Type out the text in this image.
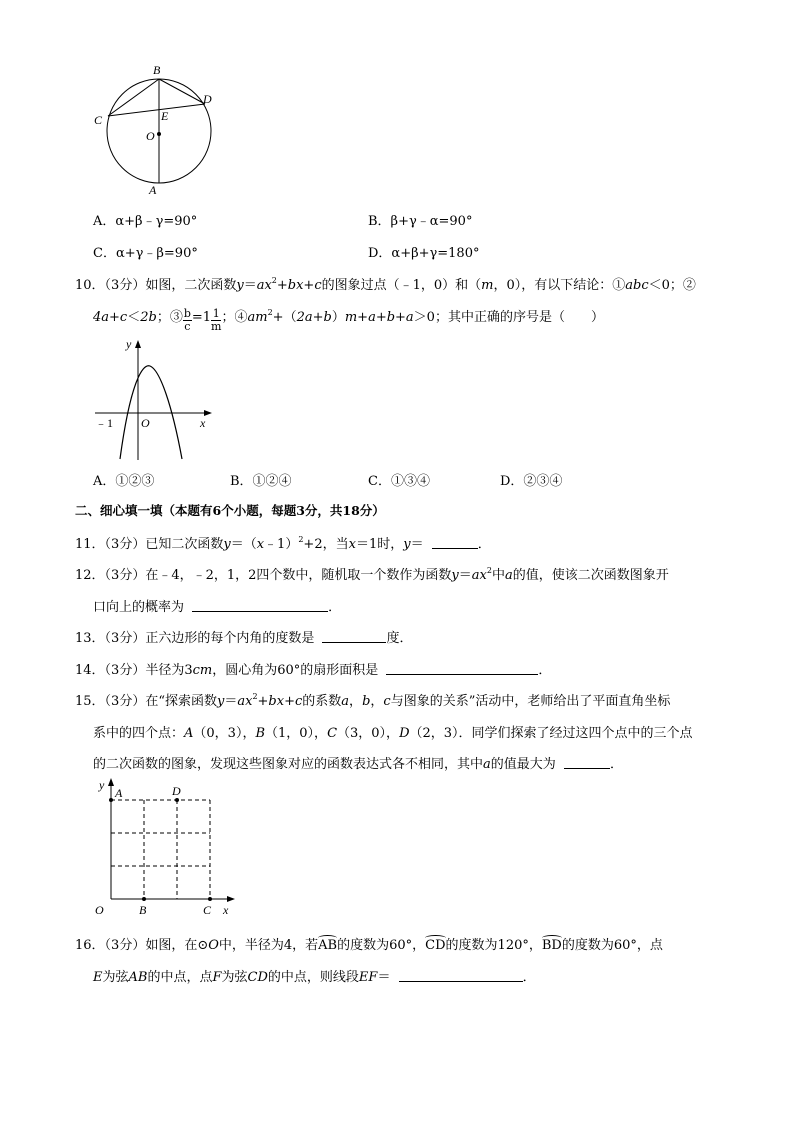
B
C
D
E
O
A
A．α+β﹣γ=90°	B．β+γ﹣α=90°
C．α+γ﹣β=90°	D．α+β+γ=180°
10．（3分）如图，二次函数$y=ax^2+bx+c$的图象过点（﹣1，0）和（m，0），有以下结论：①abc＜0；②
4a+c＜2b；③ $\frac{b}{c} =1 \frac{1}{m}$ ；$④am^2+(2a+b)m+a+b+a>0$；其中正确的序号是（　　）
y
﹣1 O	x
A．①②③	B．①②④	C．①③④	D．②③④
二、细心填一填（本题有6个小题，每题3分，共18分）
11．（3分）已知二次函数y＝（x﹣1）$^2$+2，当x＝1时，y＝	．
12．（3分）在﹣4，﹣2，1，2四个数中，随机取一个数作为函数$y=ax^2$中a的值，使该二次函数图象开
口向上的概率为	．
13．（3分）正六边形的每个内角的度数是	度．
14．（3分）半径为3cm，圆心角为60°的扇形面积是	．
15．（3分）在“探索函数$y=ax^2+bx+c$的系数a，b，c与图象的关系”活动中，老师给出了平面直角坐标
系中的四个点：A（0，3），B（1，0），C（3，0），D（2，3）．同学们探索了经过这四个点中的三个点
的二次函数的图象，发现这些图象对应的函数表达式各不相同，其中a的值最大为	．
y
A	D
O	B	C x
16．（3分）如图，在⊙O中，半径为4，若AB的度数为60°，CD的度数为120°，BD的度数为60°，点
E为弦AB的中点，点F为弦CD的中点，则线段EF＝	．
